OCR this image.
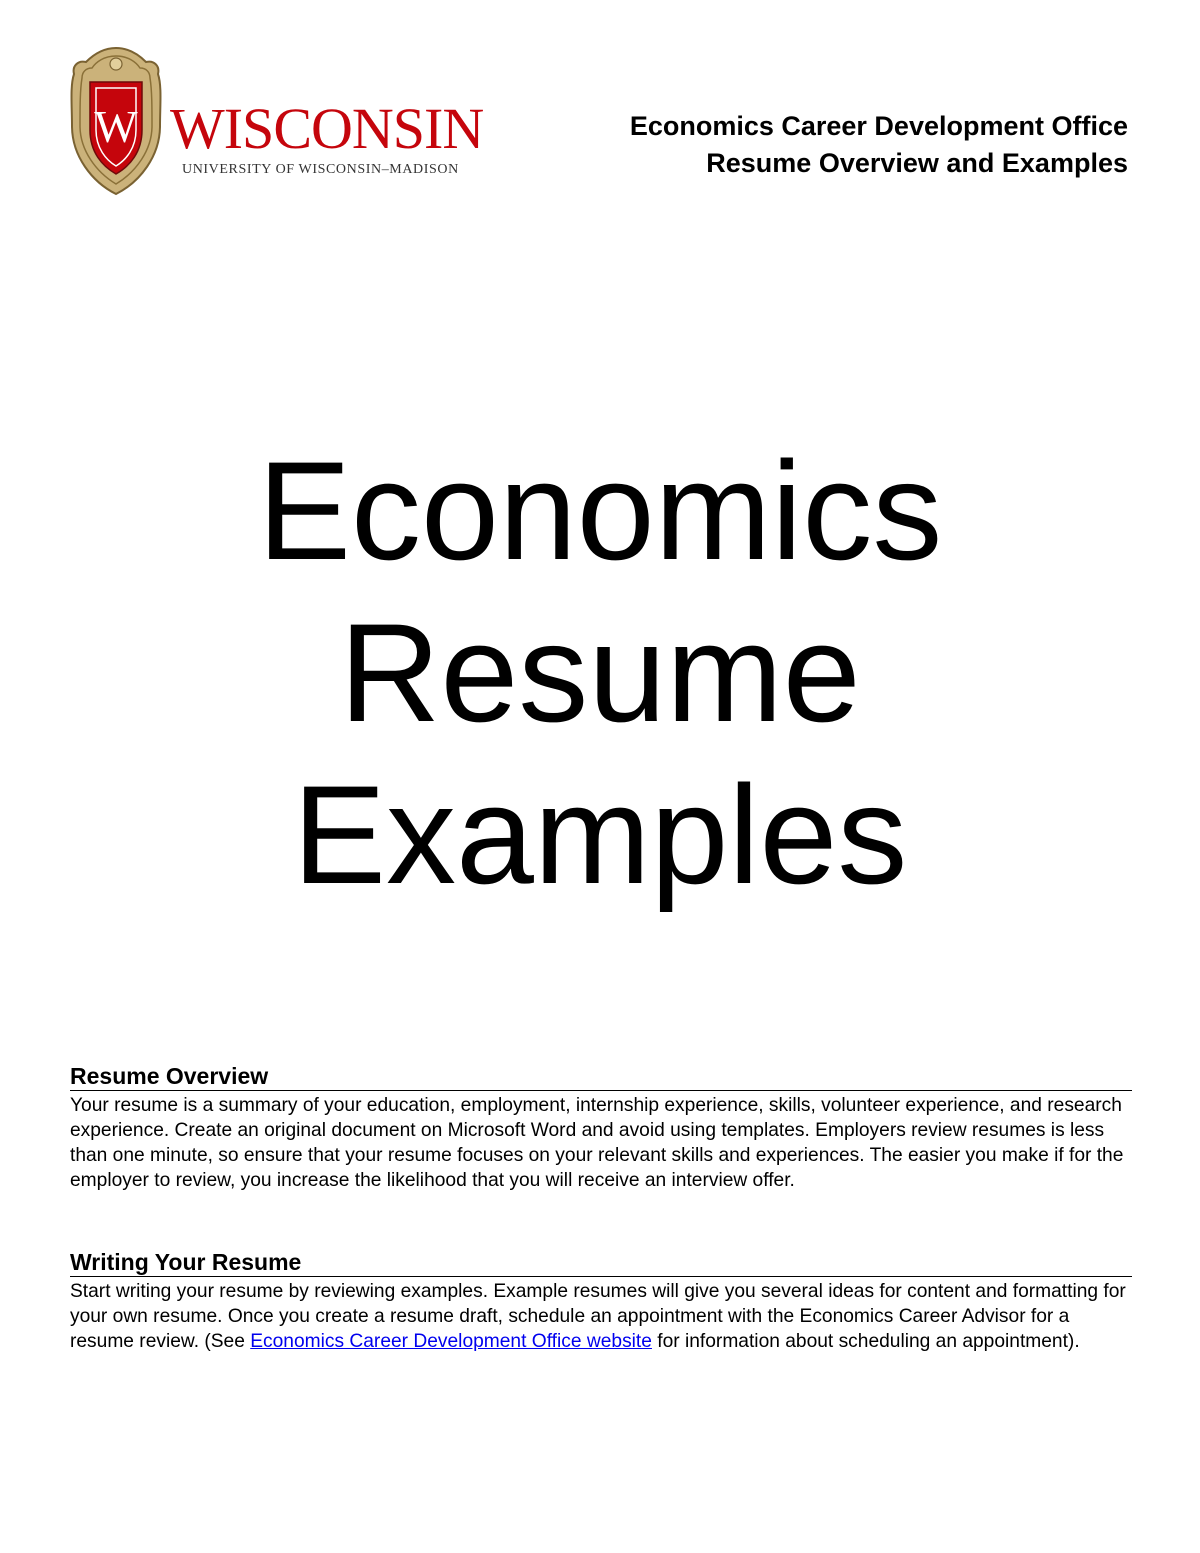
W WISCONSIN
UNIVERSITY OF WISCONSIN–MADISON
Economics Career Development Office
Resume Overview and Examples
Economics
Resume
Examples
Resume Overview

Your resume is a summary of your education, employment, internship experience, skills, volunteer experience, and research experience. Create an original document on Microsoft Word and avoid using templates. Employers review resumes is less than one minute, so ensure that your resume focuses on your relevant skills and experiences. The easier you make if for the employer to review, you increase the likelihood that you will receive an interview offer.

Writing Your Resume

Start writing your resume by reviewing examples. Example resumes will give you several ideas for content and formatting for your own resume. Once you create a resume draft, schedule an appointment with the Economics Career Advisor for a resume review. (See Economics Career Development Office website for information about scheduling an appointment).
